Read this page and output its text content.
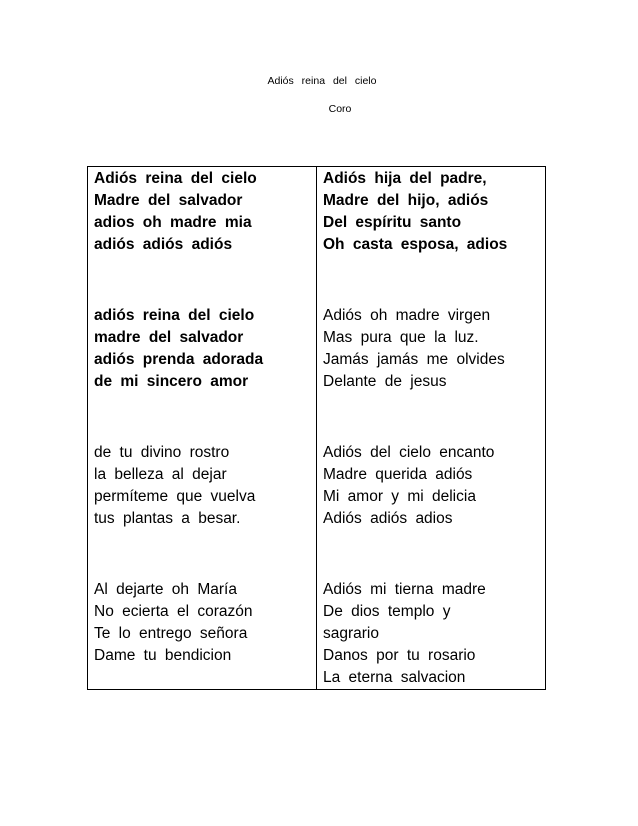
Adiós reina del cielo
Coro
Adiós reina del cielo
Madre del salvador
adios oh madre mia
adiós adiós adiós
adiós reina del cielo
madre del salvador
adiós prenda adorada
de mi sincero amor
de tu divino rostro
la belleza al dejar
permíteme que vuelva
tus plantas a besar.
Al dejarte oh María
No ecierta el corazón
Te lo entrego señora
Dame tu bendicion

Adiós hija del padre,
Madre del hijo, adiós
Del espíritu santo
Oh casta esposa, adios
Adiós oh madre virgen
Mas pura que la luz.
Jamás jamás me olvides
Delante de jesus
Adiós del cielo encanto
Madre querida adiós
Mi amor y mi delicia
Adiós adiós adios
Adiós mi tierna madre
De dios templo y
sagrario
Danos por tu rosario
La eterna salvacion
